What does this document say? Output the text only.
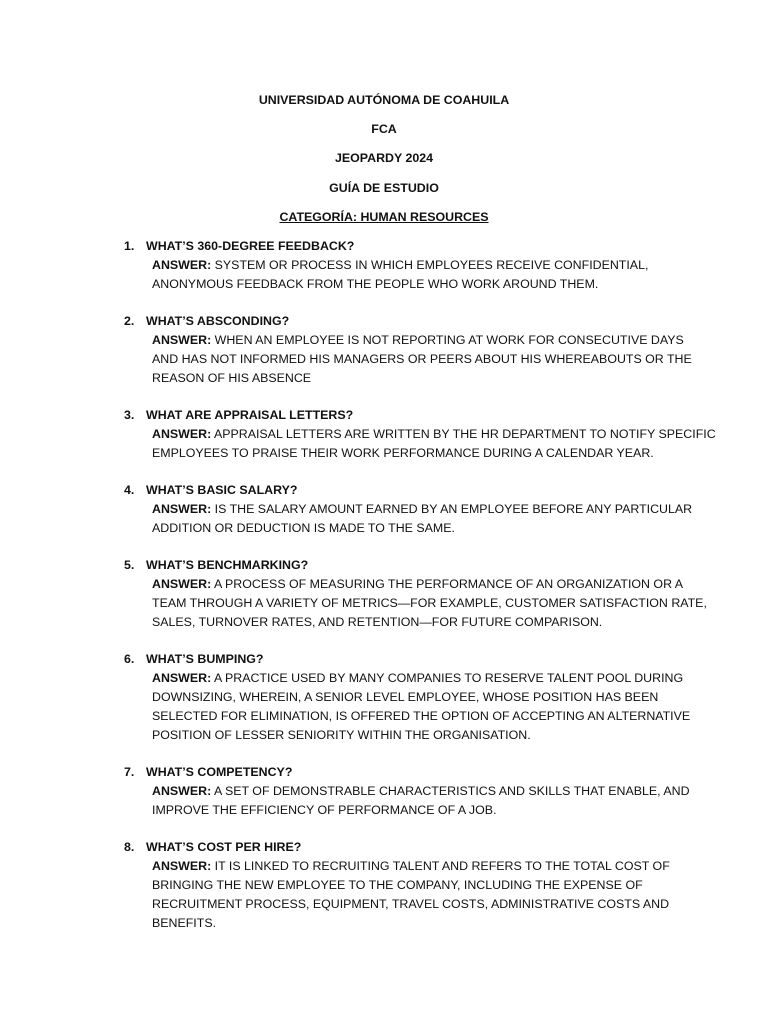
UNIVERSIDAD AUTÓNOMA DE COAHUILA
FCA
JEOPARDY 2024
GUÍA DE ESTUDIO
CATEGORÍA: HUMAN RESOURCES
1. WHAT’S 360-DEGREE FEEDBACK?
ANSWER: SYSTEM OR PROCESS IN WHICH EMPLOYEES RECEIVE CONFIDENTIAL,
ANONYMOUS FEEDBACK FROM THE PEOPLE WHO WORK AROUND THEM.
2. WHAT’S ABSCONDING?
ANSWER: WHEN AN EMPLOYEE IS NOT REPORTING AT WORK FOR CONSECUTIVE DAYS
AND HAS NOT INFORMED HIS MANAGERS OR PEERS ABOUT HIS WHEREABOUTS OR THE
REASON OF HIS ABSENCE
3. WHAT ARE APPRAISAL LETTERS?
ANSWER: APPRAISAL LETTERS ARE WRITTEN BY THE HR DEPARTMENT TO NOTIFY SPECIFIC
EMPLOYEES TO PRAISE THEIR WORK PERFORMANCE DURING A CALENDAR YEAR.
4. WHAT’S BASIC SALARY?
ANSWER: IS THE SALARY AMOUNT EARNED BY AN EMPLOYEE BEFORE ANY PARTICULAR
ADDITION OR DEDUCTION IS MADE TO THE SAME.
5. WHAT’S BENCHMARKING?
ANSWER: A PROCESS OF MEASURING THE PERFORMANCE OF AN ORGANIZATION OR A
TEAM THROUGH A VARIETY OF METRICS—FOR EXAMPLE, CUSTOMER SATISFACTION RATE,
SALES, TURNOVER RATES, AND RETENTION—FOR FUTURE COMPARISON.
6. WHAT’S BUMPING?
ANSWER: A PRACTICE USED BY MANY COMPANIES TO RESERVE TALENT POOL DURING
DOWNSIZING, WHEREIN, A SENIOR LEVEL EMPLOYEE, WHOSE POSITION HAS BEEN
SELECTED FOR ELIMINATION, IS OFFERED THE OPTION OF ACCEPTING AN ALTERNATIVE
POSITION OF LESSER SENIORITY WITHIN THE ORGANISATION.
7. WHAT’S COMPETENCY?
ANSWER: A SET OF DEMONSTRABLE CHARACTERISTICS AND SKILLS THAT ENABLE, AND
IMPROVE THE EFFICIENCY OF PERFORMANCE OF A JOB.
8. WHAT’S COST PER HIRE?
ANSWER: IT IS LINKED TO RECRUITING TALENT AND REFERS TO THE TOTAL COST OF
BRINGING THE NEW EMPLOYEE TO THE COMPANY, INCLUDING THE EXPENSE OF
RECRUITMENT PROCESS, EQUIPMENT, TRAVEL COSTS, ADMINISTRATIVE COSTS AND
BENEFITS.
